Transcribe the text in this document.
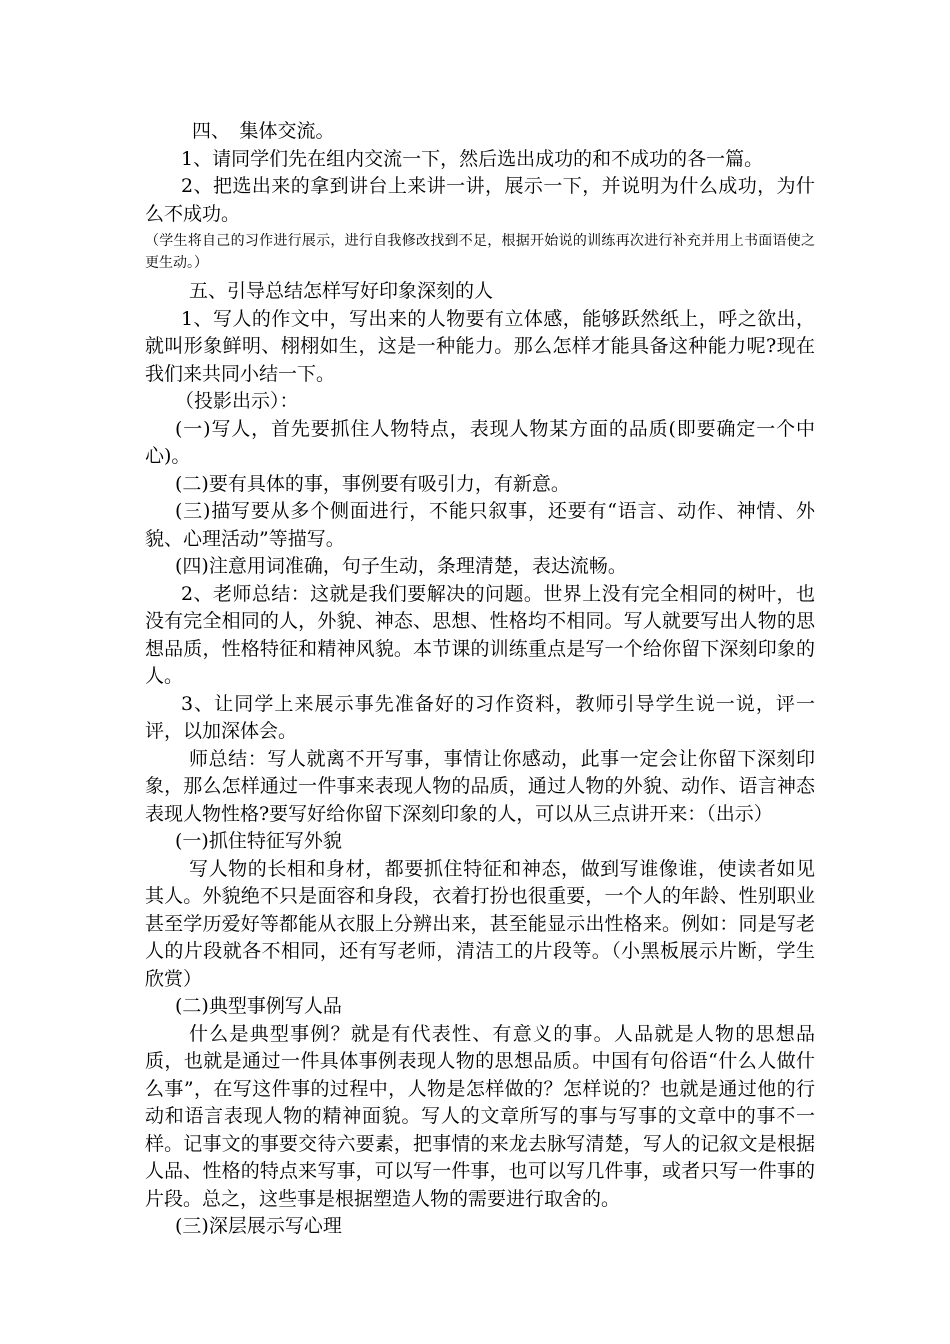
四、　集体交流。

1、请同学们先在组内交流一下，然后选出成功的和不成功的各一篇。

2、把选出来的拿到讲台上来讲一讲，展示一下，并说明为什么成功，为什么不成功。

（学生将自己的习作进行展示，进行自我修改找到不足，根据开始说的训练再次进行补充并用上书面语使之更生动。）

五、引导总结怎样写好印象深刻的人

1、写人的作文中，写出来的人物要有立体感，能够跃然纸上，呼之欲出，就叫形象鲜明、栩栩如生，这是一种能力。那么怎样才能具备这种能力呢?现在我们来共同小结一下。

（投影出示）：

(一)写人，首先要抓住人物特点，表现人物某方面的品质(即要确定一个中心)。

(二)要有具体的事，事例要有吸引力，有新意。

(三)描写要从多个侧面进行，不能只叙事，还要有“语言、动作、神情、外貌、心理活动”等描写。

(四)注意用词准确，句子生动，条理清楚，表达流畅。

2、老师总结：这就是我们要解决的问题。世界上没有完全相同的树叶，也没有完全相同的人，外貌、神态、思想、性格均不相同。写人就要写出人物的思想品质，性格特征和精神风貌。本节课的训练重点是写一个给你留下深刻印象的人。

3、让同学上来展示事先准备好的习作资料，教师引导学生说一说，评一评，以加深体会。

师总结：写人就离不开写事，事情让你感动，此事一定会让你留下深刻印象，那么怎样通过一件事来表现人物的品质，通过人物的外貌、动作、语言神态表现人物性格?要写好给你留下深刻印象的人，可以从三点讲开来：（出示）

(一)抓住特征写外貌

写人物的长相和身材，都要抓住特征和神态，做到写谁像谁，使读者如见其人。外貌绝不只是面容和身段，衣着打扮也很重要，一个人的年龄、性别职业甚至学历爱好等都能从衣服上分辨出来，甚至能显示出性格来。例如：同是写老人的片段就各不相同，还有写老师，清洁工的片段等。（小黑板展示片断，学生欣赏）

(二)典型事例写人品

什么是典型事例？就是有代表性、有意义的事。人品就是人物的思想品质，也就是通过一件具体事例表现人物的思想品质。中国有句俗语“什么人做什么事”，在写这件事的过程中，人物是怎样做的？怎样说的？也就是通过他的行动和语言表现人物的精神面貌。写人的文章所写的事与写事的文章中的事不一样。记事文的事要交待六要素，把事情的来龙去脉写清楚，写人的记叙文是根据人品、性格的特点来写事，可以写一件事，也可以写几件事，或者只写一件事的片段。总之，这些事是根据塑造人物的需要进行取舍的。

(三)深层展示写心理
